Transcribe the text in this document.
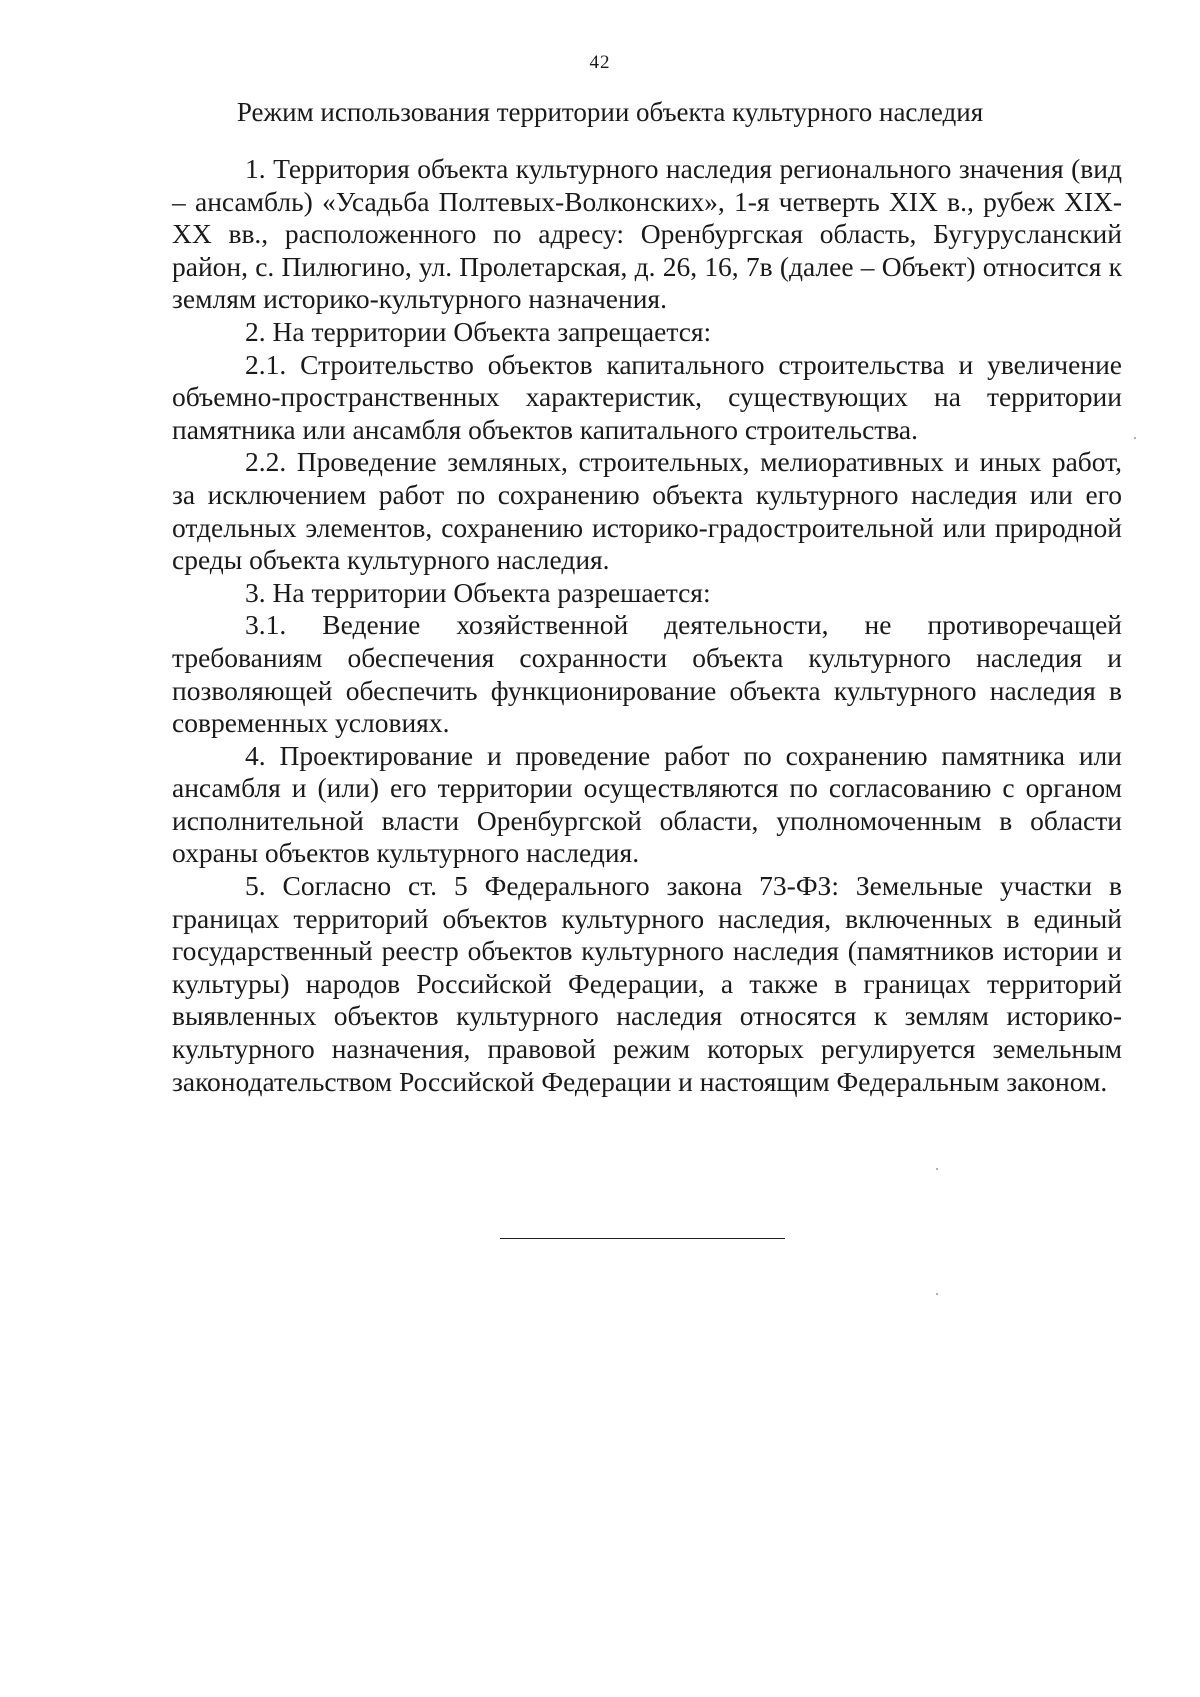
42
Режим использования территории объекта культурного наследия

1. Территория объекта культурного наследия регионального значения (вид – ансамбль) «Усадьба Полтевых-Волконских», 1-я четверть XIX в., рубеж XIX-XX вв., расположенного по адресу: Оренбургская область, Бугурусланский район, с. Пилюгино, ул. Пролетарская, д. 26, 16, 7в (далее – Объект) относится к землям историко-культурного назначения.

2. На территории Объекта запрещается:

2.1. Строительство объектов капитального строительства и увеличение объемно-пространственных характеристик, существующих на территории памятника или ансамбля объектов капитального строительства.

2.2. Проведение земляных, строительных, мелиоративных и иных работ, за исключением работ по сохранению объекта культурного наследия или его отдельных элементов, сохранению историко-градостроительной или природной среды объекта культурного наследия.

3. На территории Объекта разрешается:

3.1. Ведение хозяйственной деятельности, не противоречащей требованиям обеспечения сохранности объекта культурного наследия и позволяющей обеспечить функционирование объекта культурного наследия в современных условиях.

4. Проектирование и проведение работ по сохранению памятника или ансамбля и (или) его территории осуществляются по согласованию с органом исполнительной власти Оренбургской области, уполномоченным в области охраны объектов культурного наследия.

5. Согласно ст. 5 Федерального закона 73-ФЗ: Земельные участки в границах территорий объектов культурного наследия, включенных в единый государственный реестр объектов культурного наследия (памятников истории и культуры) народов Российской Федерации, а также в границах территорий выявленных объектов культурного наследия относятся к землям историко-культурного назначения, правовой режим которых регулируется земельным законодательством Российской Федерации и настоящим Федеральным законом.
